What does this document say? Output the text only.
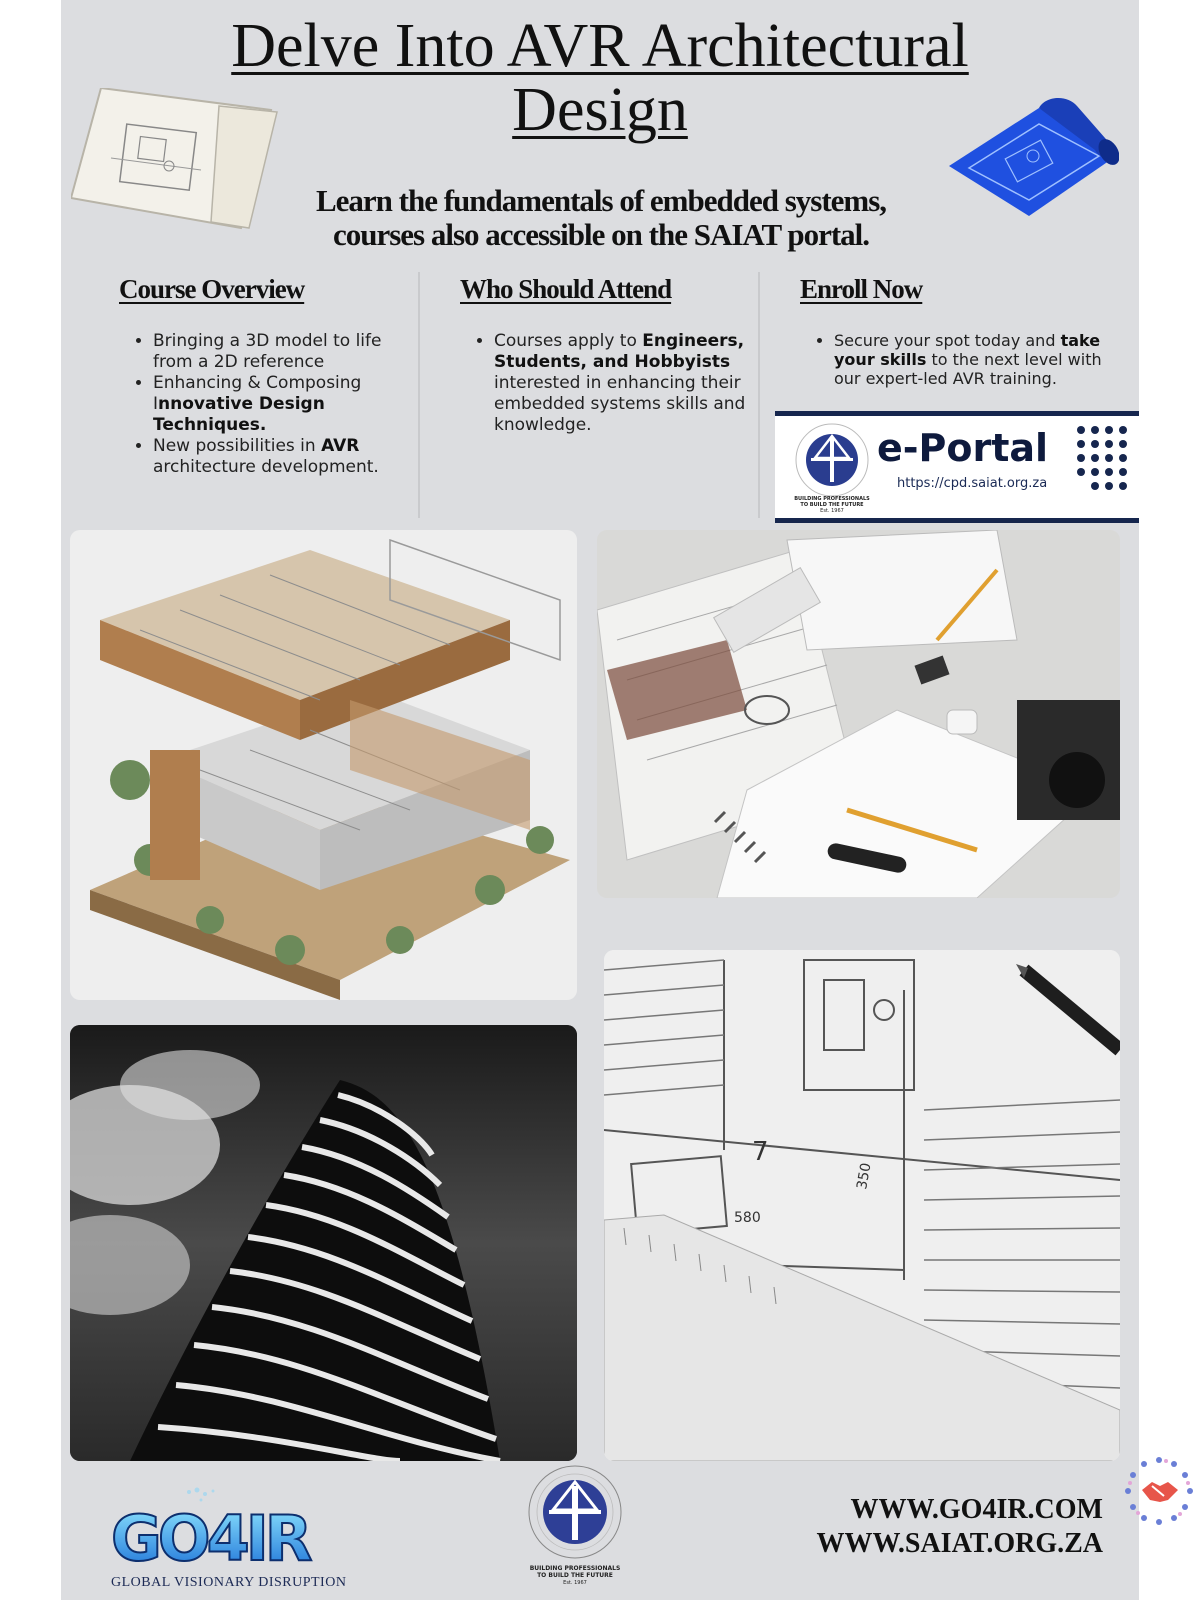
Delve Into AVR Architectural
Design

Learn the fundamentals of embedded systems,
courses also accessible on the SAIAT portal.

Course Overview
• Bringing a 3D model to life from a 2D reference
• Enhancing & Composing Innovative Design Techniques.
• New possibilities in AVR architecture development.
Who Should Attend
• Courses apply to Engineers, Students, and Hobbyists interested in enhancing their embedded systems skills and knowledge.
Enroll Now
• Secure your spot today and take your skills to the next level with our expert-led AVR training.
BUILDING PROFESSIONALS
TO BUILD THE FUTURE
Est. 1967
e-Portal
https://cpd.saiat.org.za
7
580
350
GO4IR
GLOBAL VISIONARY DISRUPTION
BUILDING PROFESSIONALS
TO BUILD THE FUTURE
Est. 1967
WWW.GO4IR.COM
WWW.SAIAT.ORG.ZA
